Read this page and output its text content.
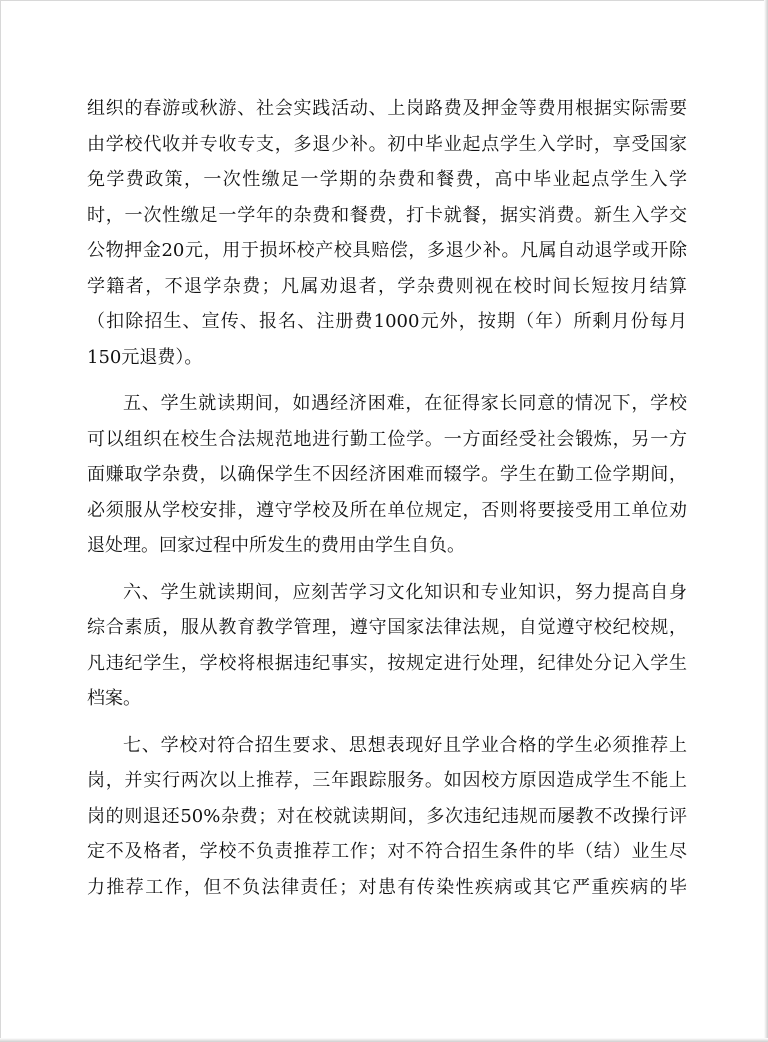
组织的春游或秋游、社会实践活动、上岗路费及押金等费用根据实际需要
由学校代收并专收专支，多退少补。初中毕业起点学生入学时，享受国家
免学费政策，一次性缴足一学期的杂费和餐费，高中毕业起点学生入学
时，一次性缴足一学年的杂费和餐费，打卡就餐，据实消费。新生入学交
公物押金20元，用于损坏校产校具赔偿，多退少补。凡属自动退学或开除
学籍者，不退学杂费；凡属劝退者，学杂费则视在校时间长短按月结算
（扣除招生、宣传、报名、注册费1000元外，按期（年）所剩月份每月
150元退费）。
五、学生就读期间，如遇经济困难，在征得家长同意的情况下，学校
可以组织在校生合法规范地进行勤工俭学。一方面经受社会锻炼，另一方
面赚取学杂费，以确保学生不因经济困难而辍学。学生在勤工俭学期间，
必须服从学校安排，遵守学校及所在单位规定，否则将要接受用工单位劝
退处理。回家过程中所发生的费用由学生自负。
六、学生就读期间，应刻苦学习文化知识和专业知识，努力提高自身
综合素质，服从教育教学管理，遵守国家法律法规，自觉遵守校纪校规，
凡违纪学生，学校将根据违纪事实，按规定进行处理，纪律处分记入学生
档案。
七、学校对符合招生要求、思想表现好且学业合格的学生必须推荐上
岗，并实行两次以上推荐，三年跟踪服务。如因校方原因造成学生不能上
岗的则退还50%杂费；对在校就读期间，多次违纪违规而屡教不改操行评
定不及格者，学校不负责推荐工作；对不符合招生条件的毕（结）业生尽
力推荐工作，但不负法律责任；对患有传染性疾病或其它严重疾病的毕
